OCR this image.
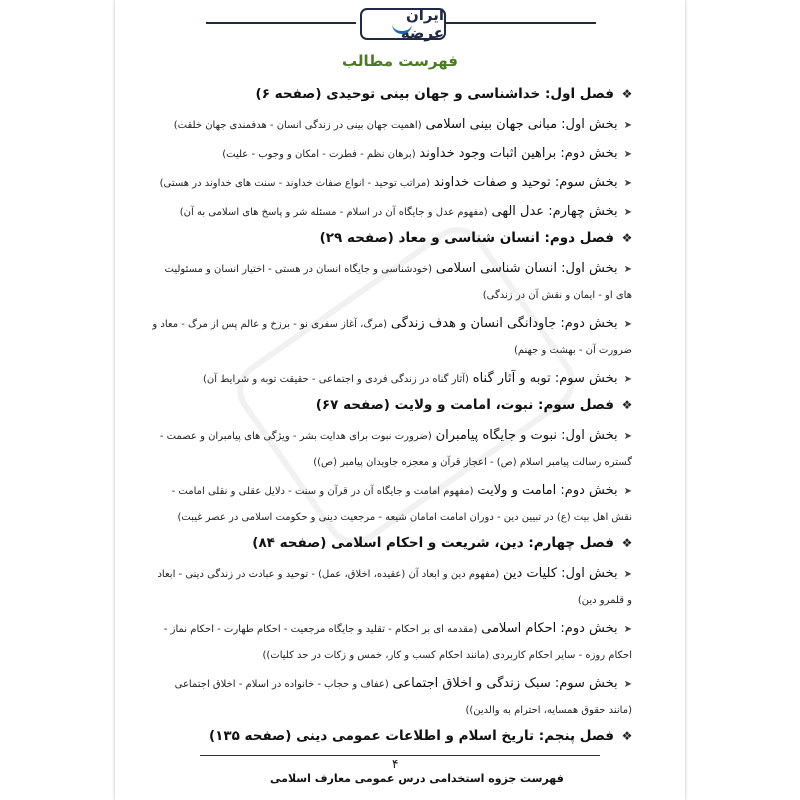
ایران عرضه
فهرست مطالب
❖
فصل اول: خداشناسی و جهان بینی توحیدی (صفحه ۶)
➤بخش اول: مبانی جهان بینی اسلامی (اهمیت جهان بینی در زندگی انسان - هدفمندی جهان خلقت)
➤بخش دوم: براهین اثبات وجود خداوند (برهان نظم - فطرت - امکان و وجوب - علیت)
➤بخش سوم: توحید و صفات خداوند (مراتب توحید - انواع صفات خداوند - سنت های خداوند در هستی)
➤بخش چهارم: عدل الهی (مفهوم عدل و جایگاه آن در اسلام - مسئله شر و پاسخ های اسلامی به آن)
❖
فصل دوم: انسان شناسی و معاد (صفحه ۲۹)
➤بخش اول: انسان شناسی اسلامی (خودشناسی و جایگاه انسان در هستی - اختیار انسان و مسئولیت های او - ایمان و نقش آن در زندگی)
➤بخش دوم: جاودانگی انسان و هدف زندگی (مرگ، آغاز سفری نو - برزخ و عالم پس از مرگ - معاد و ضرورت آن - بهشت و جهنم)
➤بخش سوم: توبه و آثار گناه (آثار گناه در زندگی فردی و اجتماعی - حقیقت توبه و شرایط آن)
❖
فصل سوم: نبوت، امامت و ولایت (صفحه ۶۷)
➤بخش اول: نبوت و جایگاه پیامبران (ضرورت نبوت برای هدایت بشر - ویژگی های پیامبران و عصمت - گستره رسالت پیامبر اسلام (ص) - اعجاز قرآن و معجزه جاویدان پیامبر (ص))
➤بخش دوم: امامت و ولایت (مفهوم امامت و جایگاه آن در قرآن و سنت - دلایل عقلی و نقلی امامت - نقش اهل بیت (ع) در تبیین دین - دوران امامت امامان شیعه - مرجعیت دینی و حکومت اسلامی در عصر غیبت)
❖
فصل چهارم: دین، شریعت و احکام اسلامی (صفحه ۸۴)
➤بخش اول: کلیات دین (مفهوم دین و ابعاد آن (عقیده، اخلاق، عمل) - توحید و عبادت در زندگی دینی - ابعاد و قلمرو دین)
➤بخش دوم: احکام اسلامی (مقدمه ای بر احکام - تقلید و جایگاه مرجعیت - احکام طهارت - احکام نماز - احکام روزه - سایر احکام کاربردی (مانند احکام کسب و کار، خمس و زکات در حد کلیات))
➤بخش سوم: سبک زندگی و اخلاق اجتماعی (عفاف و حجاب - خانواده در اسلام - اخلاق اجتماعی (مانند حقوق همسایه، احترام به والدین))
❖
فصل پنجم: تاریخ اسلام و اطلاعات عمومی دینی (صفحه ۱۳۵)
۴
جزوه استخدامی درس عمومی معارف اسلامی فهرست
